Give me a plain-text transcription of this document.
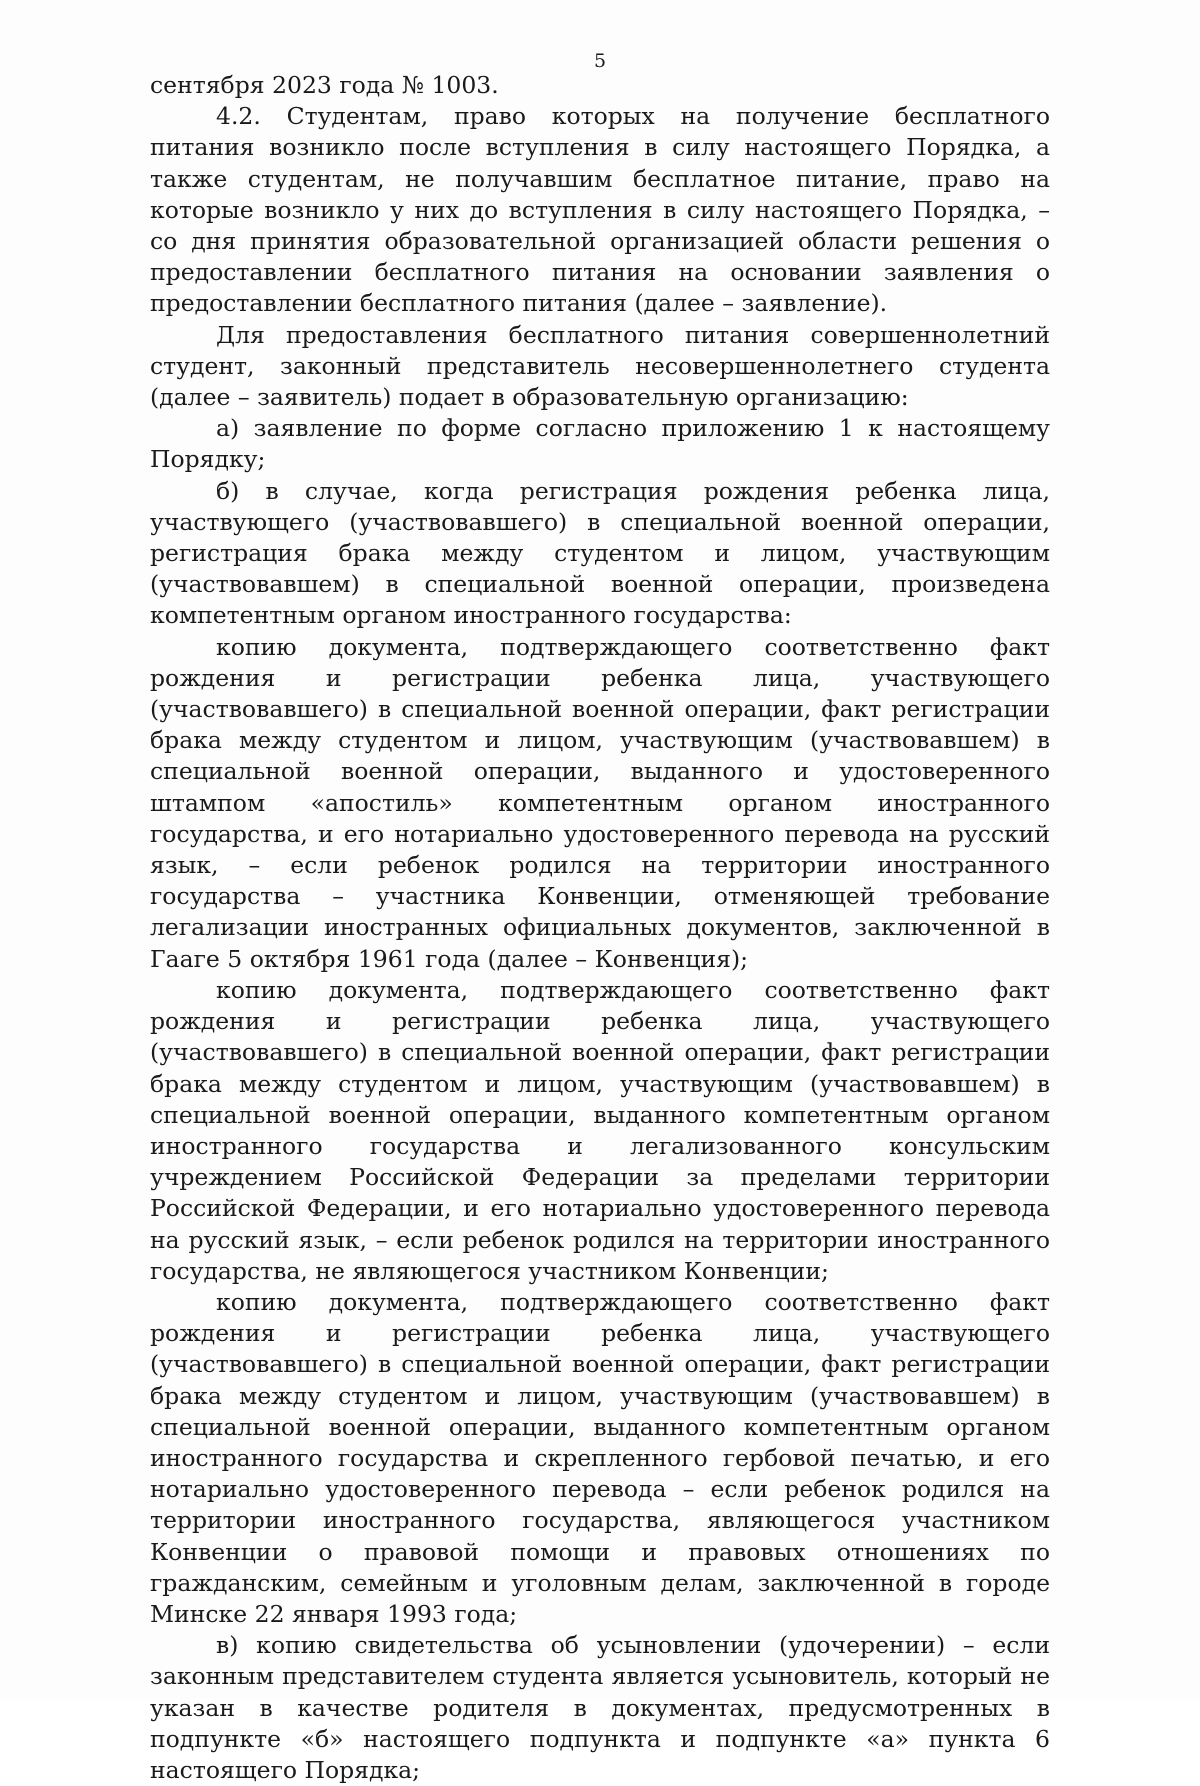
5

сентября 2023 года № 1003.

4.2. Студентам, право которых на получение бесплатного питания возникло после вступления в силу настоящего Порядка, а также студентам, не получавшим бесплатное питание, право на которые возникло у них до вступления в силу настоящего Порядка, – со дня принятия образовательной организацией области решения о предоставлении бесплатного питания на основании заявления о предоставлении бесплатного питания (далее – заявление).

Для предоставления бесплатного питания совершеннолетний студент, законный представитель несовершеннолетнего студента (далее – заявитель) подает в образовательную организацию:

а) заявление по форме согласно приложению 1 к настоящему Порядку;

б) в случае, когда регистрация рождения ребенка лица, участвующего (участвовавшего) в специальной военной операции, регистрация брака между студентом и лицом, участвующим (участвовавшем) в специальной военной операции, произведена компетентным органом иностранного государства:

копию документа, подтверждающего соответственно факт рождения и регистрации ребенка лица, участвующего (участвовавшего) в специальной военной операции, факт регистрации брака между студентом и лицом, участвующим (участвовавшем) в специальной военной операции, выданного и удостоверенного штампом «апостиль» компетентным органом иностранного государства, и его нотариально удостоверенного перевода на русский язык, – если ребенок родился на территории иностранного государства – участника Конвенции, отменяющей требование легализации иностранных официальных документов, заключенной в Гааге 5 октября 1961 года (далее – Конвенция);

копию документа, подтверждающего соответственно факт рождения и регистрации ребенка лица, участвующего (участвовавшего) в специальной военной операции, факт регистрации брака между студентом и лицом, участвующим (участвовавшем) в специальной военной операции, выданного компетентным органом иностранного государства и легализованного консульским учреждением Российской Федерации за пределами территории Российской Федерации, и его нотариально удостоверенного перевода на русский язык, – если ребенок родился на территории иностранного государства, не являющегося участником Конвенции;

копию документа, подтверждающего соответственно факт рождения и регистрации ребенка лица, участвующего (участвовавшего) в специальной военной операции, факт регистрации брака между студентом и лицом, участвующим (участвовавшем) в специальной военной операции, выданного компетентным органом иностранного государства и скрепленного гербовой печатью, и его нотариально удостоверенного перевода – если ребенок родился на территории иностранного государства, являющегося участником Конвенции о правовой помощи и правовых отношениях по гражданским, семейным и уголовным делам, заключенной в городе Минске 22 января 1993 года;

в) копию свидетельства об усыновлении (удочерении) – если законным представителем студента является усыновитель, который не указан в качестве родителя в документах, предусмотренных в подпункте «б» настоящего подпункта и подпункте «а» пункта 6 настоящего Порядка;
